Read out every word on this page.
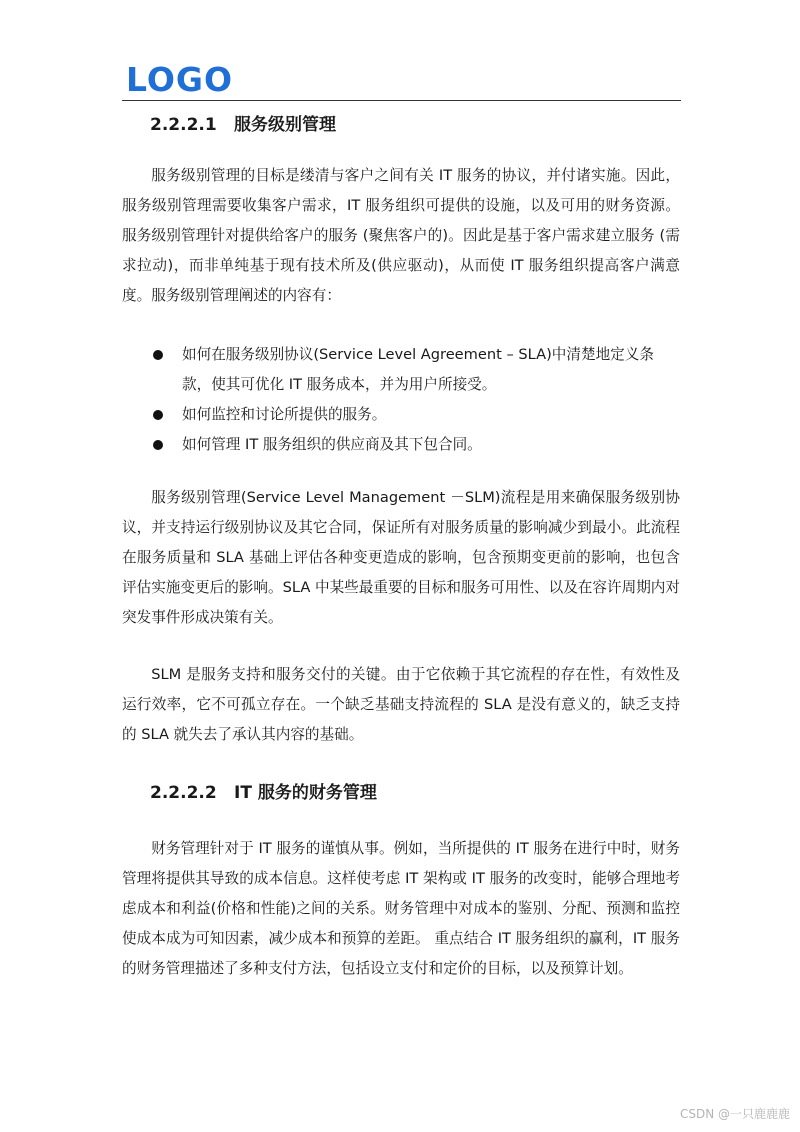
LOGO
2.2.2.1 服务级别管理

服务级别管理的目标是缕清与客户之间有关 IT 服务的协议，并付诸实施。因此，服务级别管理需要收集客户需求，IT 服务组织可提供的设施，以及可用的财务资源。 服务级别管理针对提供给客户的服务 (聚焦客户的)。因此是基于客户需求建立服务 (需求拉动)，而非单纯基于现有技术所及(供应驱动)，从而使 IT 服务组织提高客户满意度。服务级别管理阐述的内容有：

如何在服务级别协议(Service Level Agreement – SLA)中清楚地定义条款，使其可优化 IT 服务成本，并为用户所接受。
如何监控和讨论所提供的服务。
如何管理 IT 服务组织的供应商及其下包合同。

服务级别管理(Service Level Management －SLM)流程是用来确保服务级别协议，并支持运行级别协议及其它合同，保证所有对服务质量的影响减少到最小。此流程在服务质量和 SLA 基础上评估各种变更造成的影响，包含预期变更前的影响，也包含评估实施变更后的影响。SLA 中某些最重要的目标和服务可用性、以及在容许周期内对突发事件形成决策有关。

SLM 是服务支持和服务交付的关键。由于它依赖于其它流程的存在性，有效性及运行效率，它不可孤立存在。一个缺乏基础支持流程的 SLA 是没有意义的，缺乏支持的 SLA 就失去了承认其内容的基础。

2.2.2.2 IT 服务的财务管理

财务管理针对于 IT 服务的谨慎从事。例如，当所提供的 IT 服务在进行中时，财务管理将提供其导致的成本信息。这样使考虑 IT 架构或 IT 服务的改变时，能够合理地考虑成本和利益(价格和性能)之间的关系。财务管理中对成本的鉴别、分配、预测和监控使成本成为可知因素，减少成本和预算的差距。 重点结合 IT 服务组织的赢利，IT 服务的财务管理描述了多种支付方法，包括设立支付和定价的目标，以及预算计划。

CSDN @一只鹿鹿鹿
